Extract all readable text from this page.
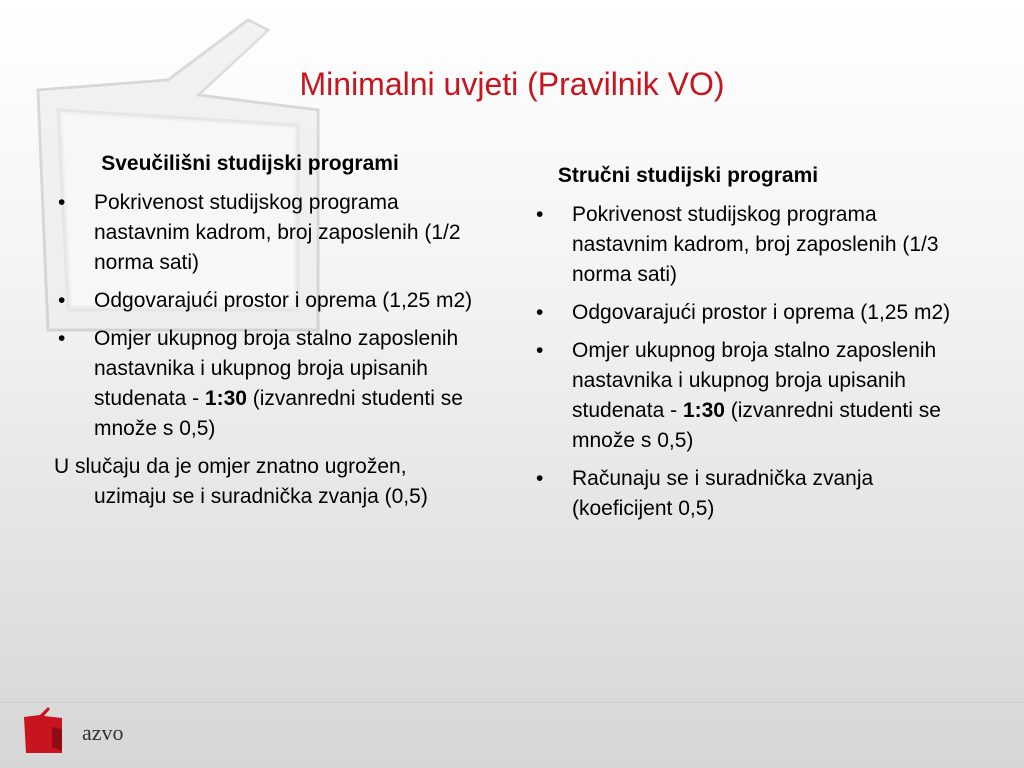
Minimalni uvjeti (Pravilnik VO)
Sveučilišni studijski programi
• Pokrivenost studijskog programa nastavnim kadrom, broj zaposlenih (1/2 norma sati)
• Odgovarajući prostor i oprema (1,25 m2)
• Omjer ukupnog broja stalno zaposlenih nastavnika i ukupnog broja upisanih studenata - 1:30 (izvanredni studenti se množe s 0,5)
U slučaju da je omjer znatno ugrožen, uzimaju se i suradnička zvanja (0,5)
Stručni studijski programi
• Pokrivenost studijskog programa nastavnim kadrom, broj zaposlenih (1/3 norma sati)
• Odgovarajući prostor i oprema (1,25 m2)
• Omjer ukupnog broja stalno zaposlenih nastavnika i ukupnog broja upisanih studenata - 1:30 (izvanredni studenti se množe s 0,5)
• Računaju se i suradnička zvanja (koeficijent 0,5)
azvo
